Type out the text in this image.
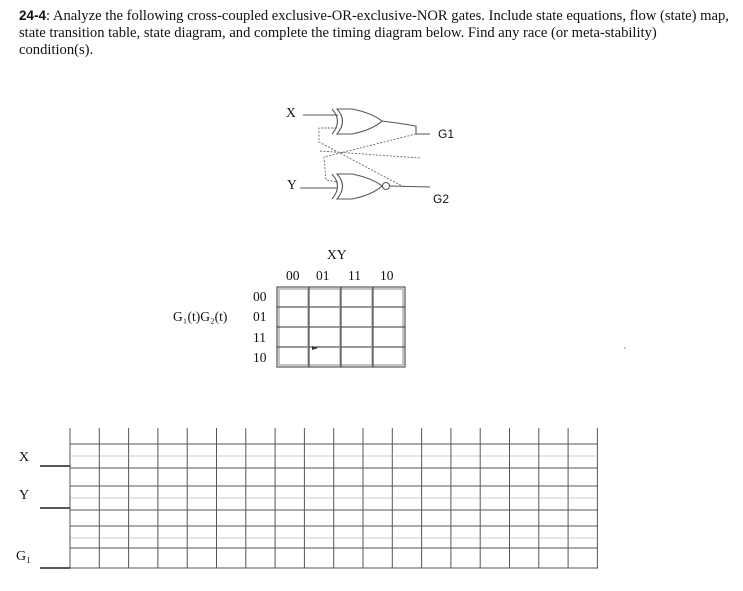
24-4: Analyze the following cross-coupled exclusive-OR-exclusive-NOR gates. Include state equations, flow (state) map, state transition table, state diagram, and complete the timing diagram below. Find any race (or meta-stability) condition(s).

X
Y
G1
G2
XY
00 01 11 10
G₁(t)G₂(t)
00
01
11
10
X
Y
G₁
